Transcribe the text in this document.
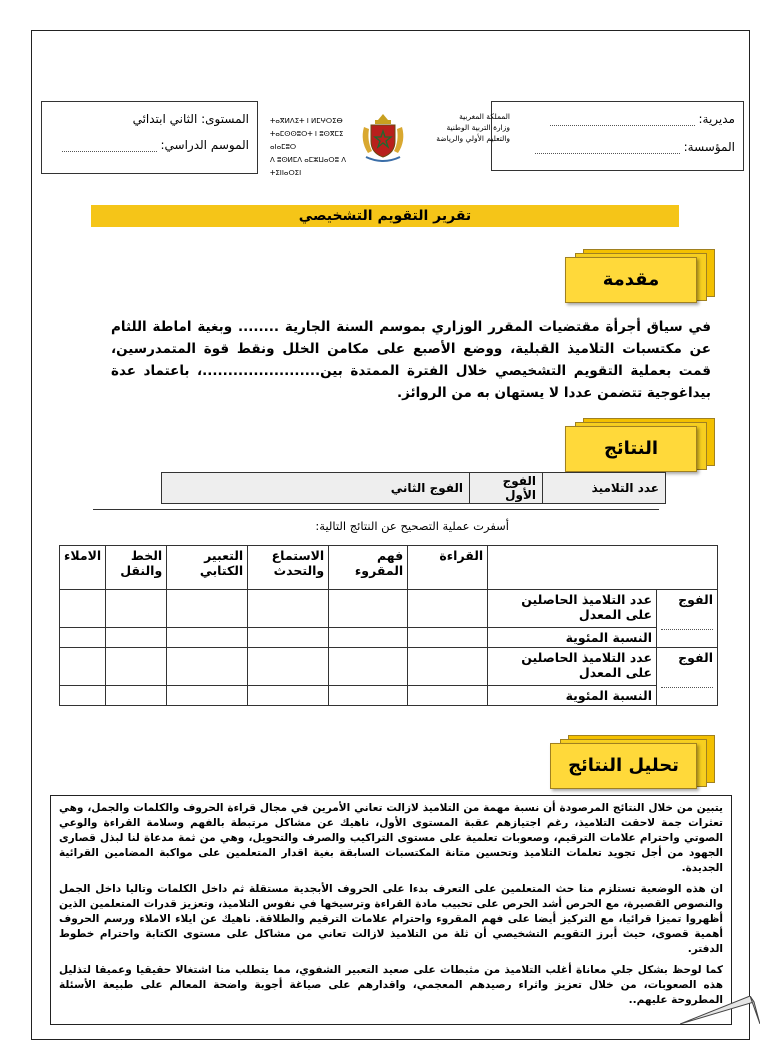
مديرية:
المؤسسة:
المستوى: الثاني ابتدائي
الموسم الدراسي:
المملكة المغربية
وزارة التربية الوطنية
والتعليم الأولي والرياضة
ⵜⴰⴳⵍⴷⵉⵜ ⵏ ⵍⵎⵖⵔⵉⴱ
ⵜⴰⵎⵙⵙⵓⵔⵜ ⵏ ⵓⵙⴳⵎⵉ ⴰⵏⴰⵎⵓⵔ
ⴷ ⵓⵙⵍⵎⴷ ⴰⵎⵣⵡⴰⵔⵓ ⴷ ⵜⵉⵏⵏⴰⵔⵉⵏ
تقرير التقويم التشخيصي
مقدمة
في سياق أجرأة مقتضيات المقرر الوزاري بموسم السنة الجارية ........ وبغية اماطة اللثام عن مكتسبات التلاميذ القبلية، ووضع الأصبع على مكامن الخلل ونقط قوة المتمدرسين، قمت بعملية التقويم التشخيصي خلال الفترة الممتدة بين.......................، باعتماد عدة بيداغوجية تتضمن عددا لا يستهان به من الروائز.
النتائج
عدد التلاميذ	الفوج الأول	الفوج الثاني
أسفرت عملية التصحيح عن النتائج التالية:
		القراءة	فهم المقروء	الاستماع والتحدث	التعبير الكتابي	الخط والنقل	الاملاء

الفوج	عدد التلاميذ الحاصلين على المعدل						
	النسبة المئوية						

الفوج	عدد التلاميذ الحاصلين على المعدل						
	النسبة المئوية						
تحليل النتائج

يتبين من خلال النتائج المرصودة أن نسبة مهمة من التلاميذ لازالت تعاني الأمرين في مجال قراءة الحروف والكلمات والجمل، وهي تعثرات جمة لاحقت التلاميذ، رغم اجتيازهم عقبة المستوى الأول، ناهيك عن مشاكل مرتبطة بالفهم وسلامة القراءة والوعي الصوتي واحترام علامات الترقيم، وصعوبات تعلمية على مستوى التراكيب والصرف والتحويل، وهي من ثمة مدعاة لنا لبذل قصارى الجهود من أجل تجويد تعلمات التلاميذ وتحسين متانة المكتسبات السابقة بغية اقدار المتعلمين على مواكبة المضامين القرائية الجديدة.

ان هذه الوضعية تستلزم منا حث المتعلمين على التعرف بدءا على الحروف الأبجدية مستقلة ثم داخل الكلمات وتاليا داخل الجمل والنصوص القصيرة، مع الحرص أشد الحرص على تحبيب مادة القراءة وترسيخها في نفوس التلاميذ، وتعزيز قدرات المتعلمين الذين أظهروا تميزا قرائيا، مع التركيز أيضا على فهم المقروء واحترام علامات الترقيم والطلاقة. ناهيك عن ايلاء الاملاء ورسم الحروف أهمية قصوى، حيث أبرز التقويم التشخيصي أن ثلة من التلاميذ لازالت تعاني من مشاكل على مستوى الكتابة واحترام خطوط الدفتر.

كما لوحظ بشكل جلي معاناة أغلب التلاميذ من مثبطات على صعيد التعبير الشفوي، مما يتطلب منا اشتغالا حقيقيا وعميقا لتذليل هذه الصعوبات، من خلال تعزيز واثراء رصيدهم المعجمي، واقدارهم على صياغة أجوبة واضحة المعالم على طبيعة الأسئلة المطروحة عليهم..
